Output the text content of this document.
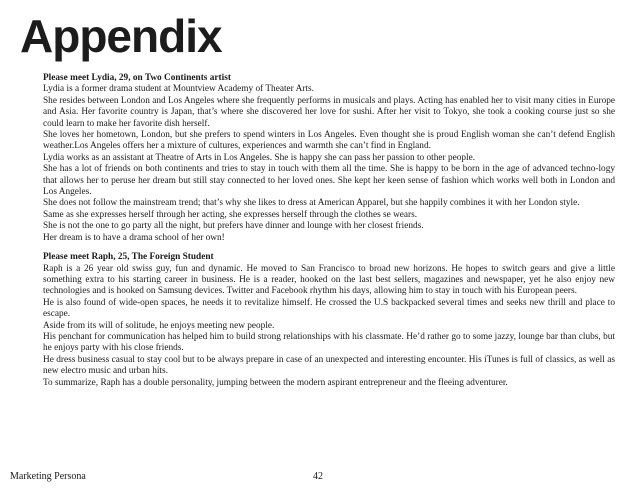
Appendix

Please meet Lydia, 29, on Two Continents artist

Lydia is a former drama student at Mountview Academy of Theater Arts.

She resides between London and Los Angeles where she frequently performs in musicals and plays. Acting has enabled her to visit many cities in Europe and Asia. Her favorite country is Japan, that’s where she discovered her love for sushi. After her visit to Tokyo, she took a cooking course just so she could learn to make her favorite dish herself.

She loves her hometown, London, but she prefers to spend winters in Los Angeles. Even thought she is proud English woman she can’t defend English weather.Los Angeles offers her a mixture of cultures, experiences and warmth she can’t find in England.

Lydia works as an assistant at Theatre of Arts in Los Angeles. She is happy she can pass her passion to other people.

She has a lot of friends on both continents and tries to stay in touch with them all the time. She is happy to be born in the age of advanced techno-logy that allows her to peruse her dream but still stay connected to her loved ones. She kept her keen sense of fashion which works well both in London and Los Angeles.

She does not follow the mainstream trend; that’s why she likes to dress at American Apparel, but she happily combines it with her London style.

Same as she expresses herself through her acting, she expresses herself through the clothes se wears.

She is not the one to go party all the night, but prefers have dinner and lounge with her closest friends.

Her dream is to have a drama school of her own!

Please meet Raph, 25, The Foreign Student

Raph is a 26 year old swiss guy, fun and dynamic. He moved to San Francisco to broad new horizons. He hopes to switch gears and give a little something extra to his starting career in business. He is a reader, hooked on the last best sellers, magazines and newspaper, yet he also enjoy new technologies and is hooked on Samsung devices. Twitter and Facebook rhythm his days, allowing him to stay in touch with his European peers.

He is also found of wide-open spaces, he needs it to revitalize himself. He crossed the U.S backpacked several times and seeks new thrill and place to escape.

Aside from its will of solitude, he enjoys meeting new people.

His penchant for communication has helped him to build strong relationships with his classmate. He’d rather go to some jazzy, lounge bar than clubs, but he enjoys party with his close friends.

He dress business casual to stay cool but to be always prepare in case of an unexpected and interesting encounter. His iTunes is full of classics, as well as new electro music and urban hits.

To summarize, Raph has a double personality, jumping between the modern aspirant entrepreneur and the fleeing adventurer.

Marketing Persona	42
